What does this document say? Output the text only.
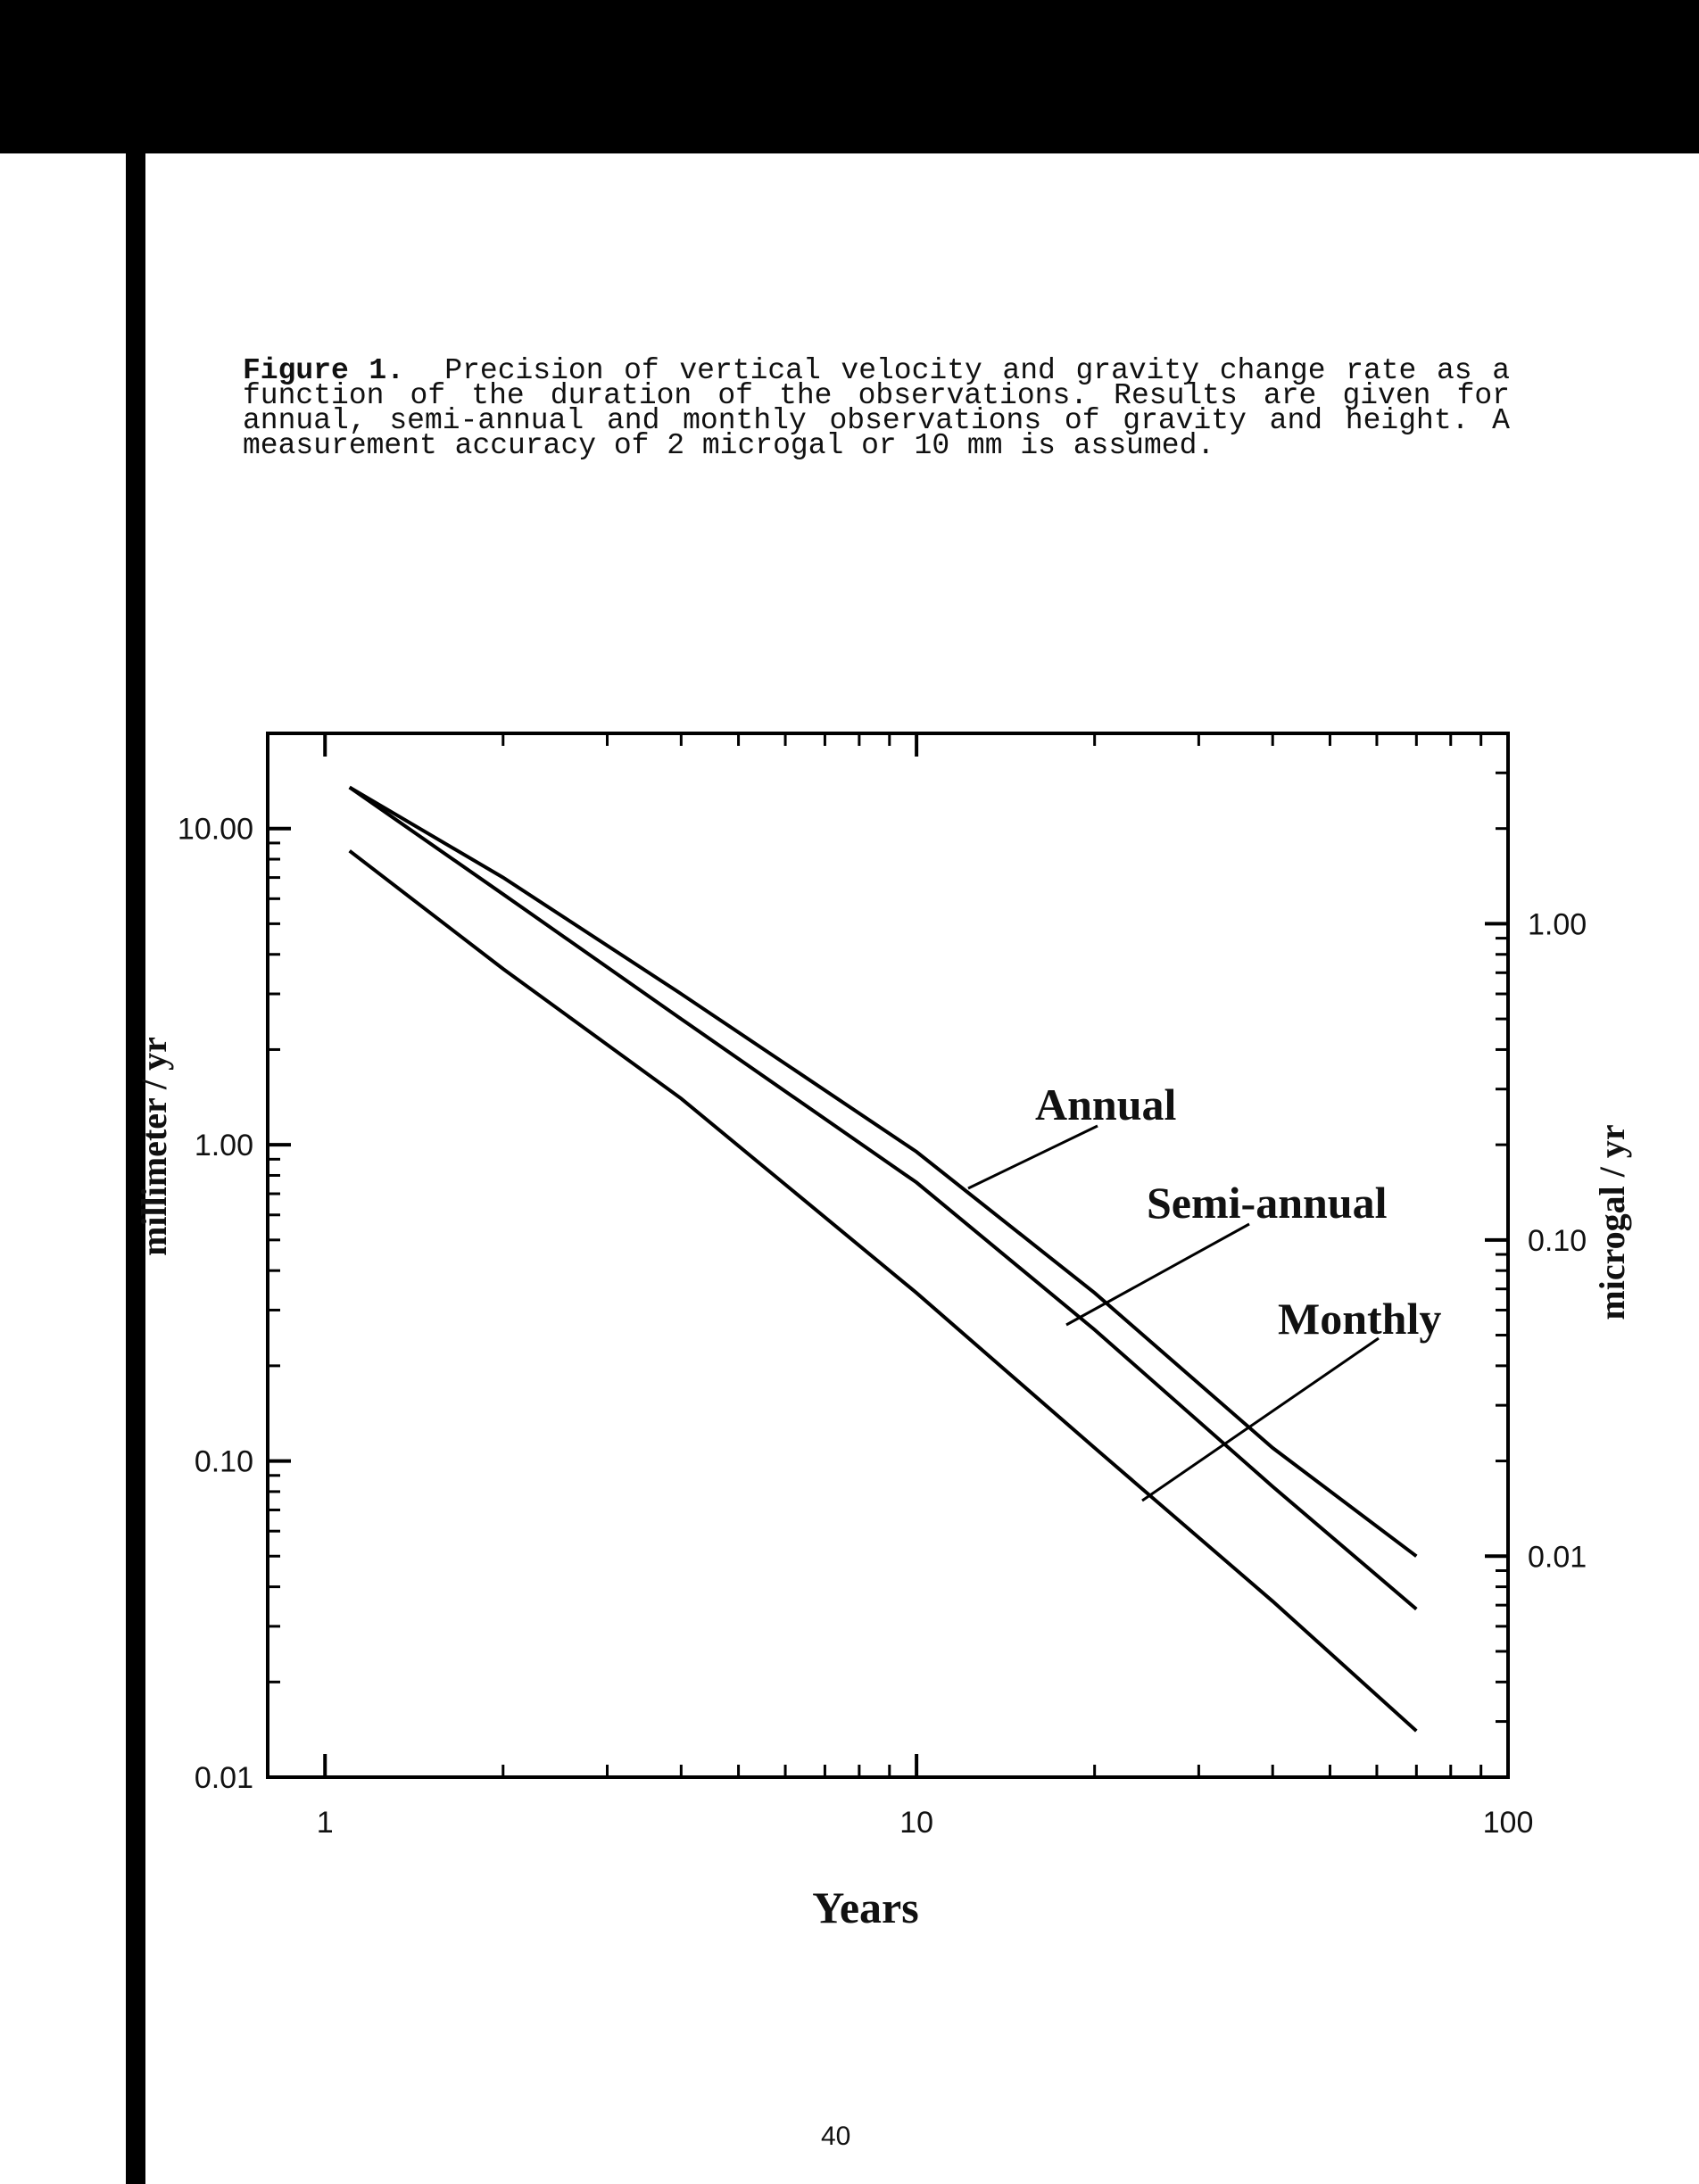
Figure 1. Precision of vertical velocity and gravity change rate as a function of the duration of the observations. Results are given for annual, semi-annual and monthly observations of gravity and height. A measurement accuracy of 2 microgal or 10 mm is assumed.
1	10	100
0.01
0.10
1.00
10.00
0.01
0.10
1.00
Annual
Semi-annual
Monthly
Years
millimeter / yr	microgal / yr
40
